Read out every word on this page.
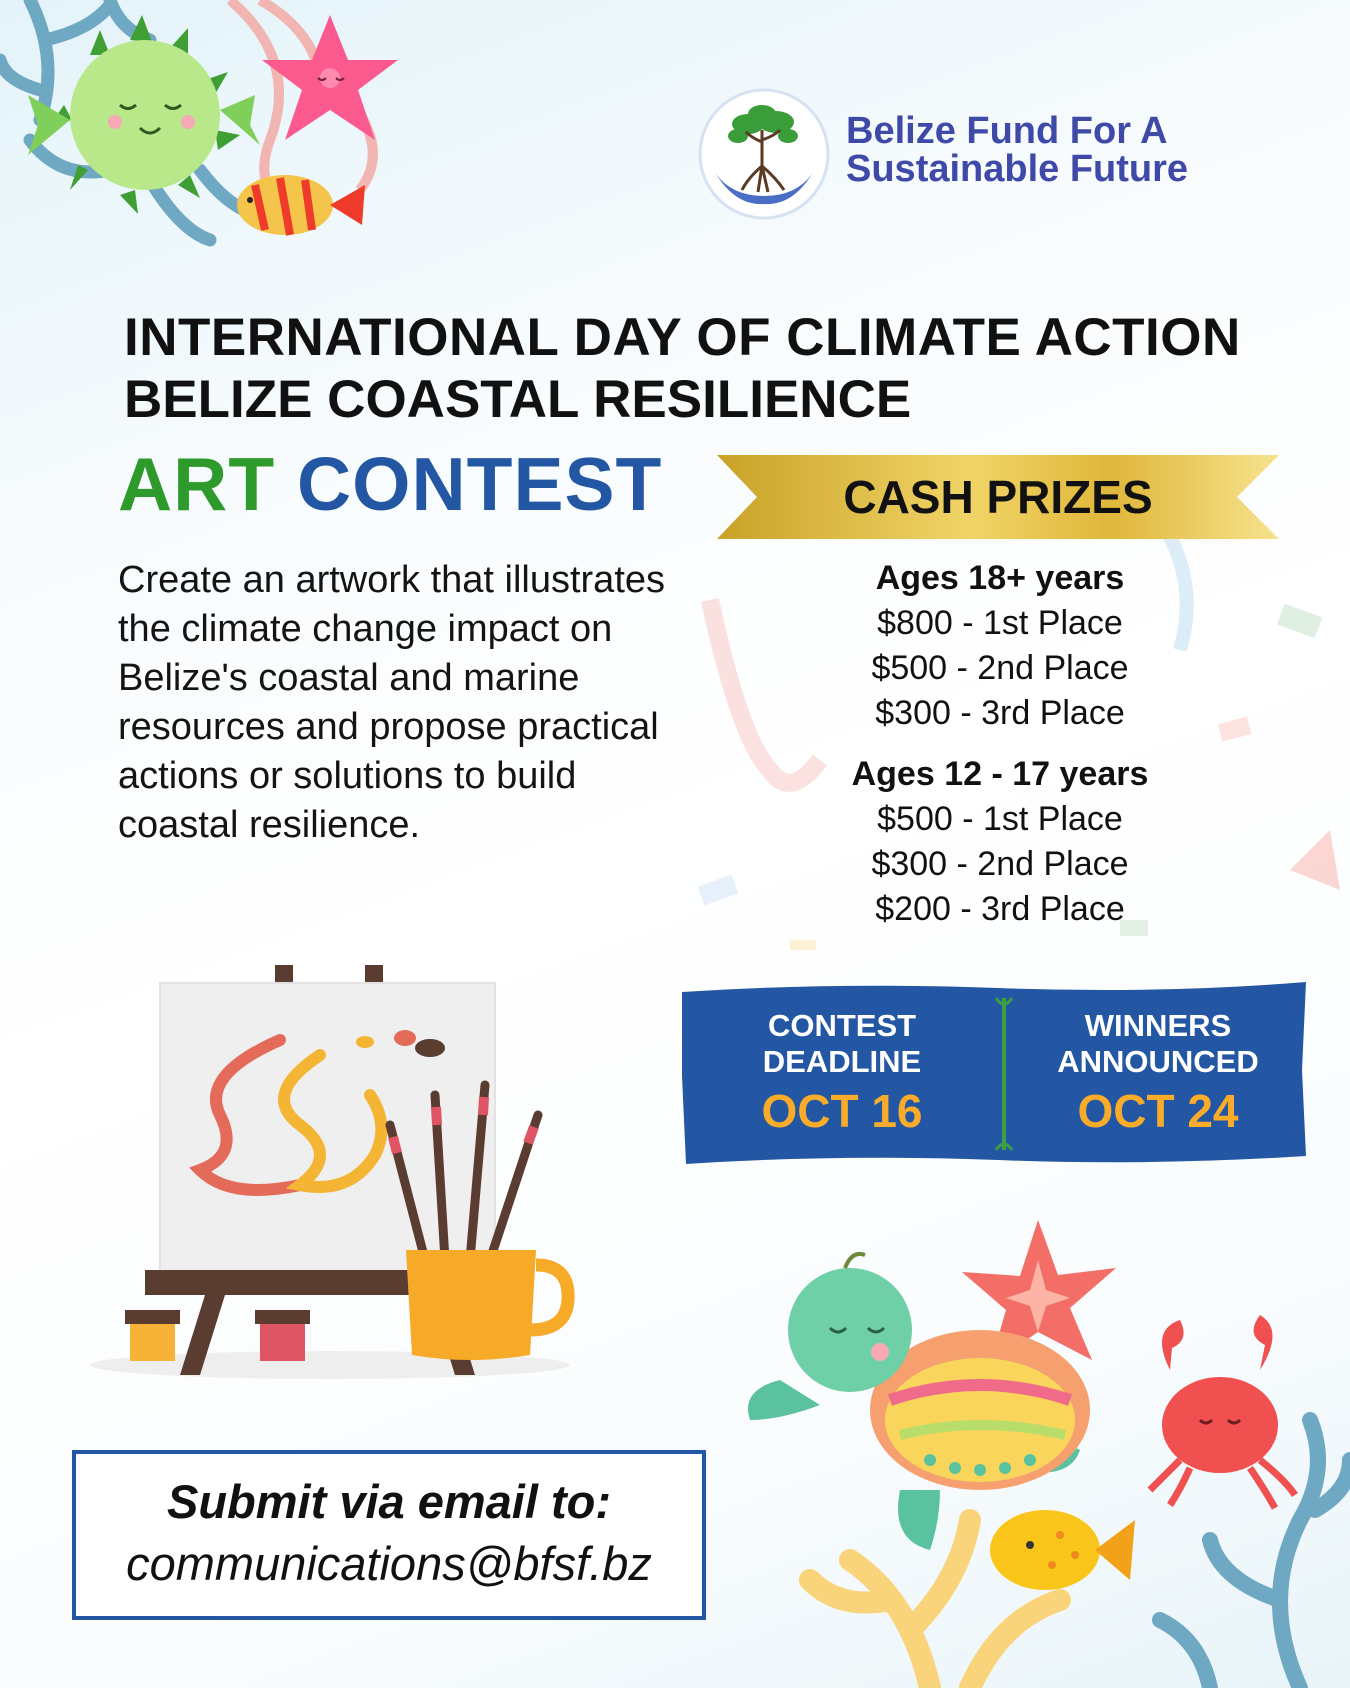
Belize Fund For A
Sustainable Future
INTERNATIONAL DAY OF CLIMATE ACTION
BELIZE COASTAL RESILIENCE
ART CONTEST
Create an artwork that illustrates the climate change impact on Belize's coastal and marine resources and propose practical actions or solutions to build coastal resilience.
CASH PRIZES
Ages 18+ years
$800 - 1st Place
$500 - 2nd Place
$300 - 3rd Place
Ages 12 - 17 years
$500 - 1st Place
$300 - 2nd Place
$200 - 3rd Place
CONTEST
DEADLINE
OCT 16
WINNERS
ANNOUNCED
OCT 24
Submit via email to:
communications@bfsf.bz
